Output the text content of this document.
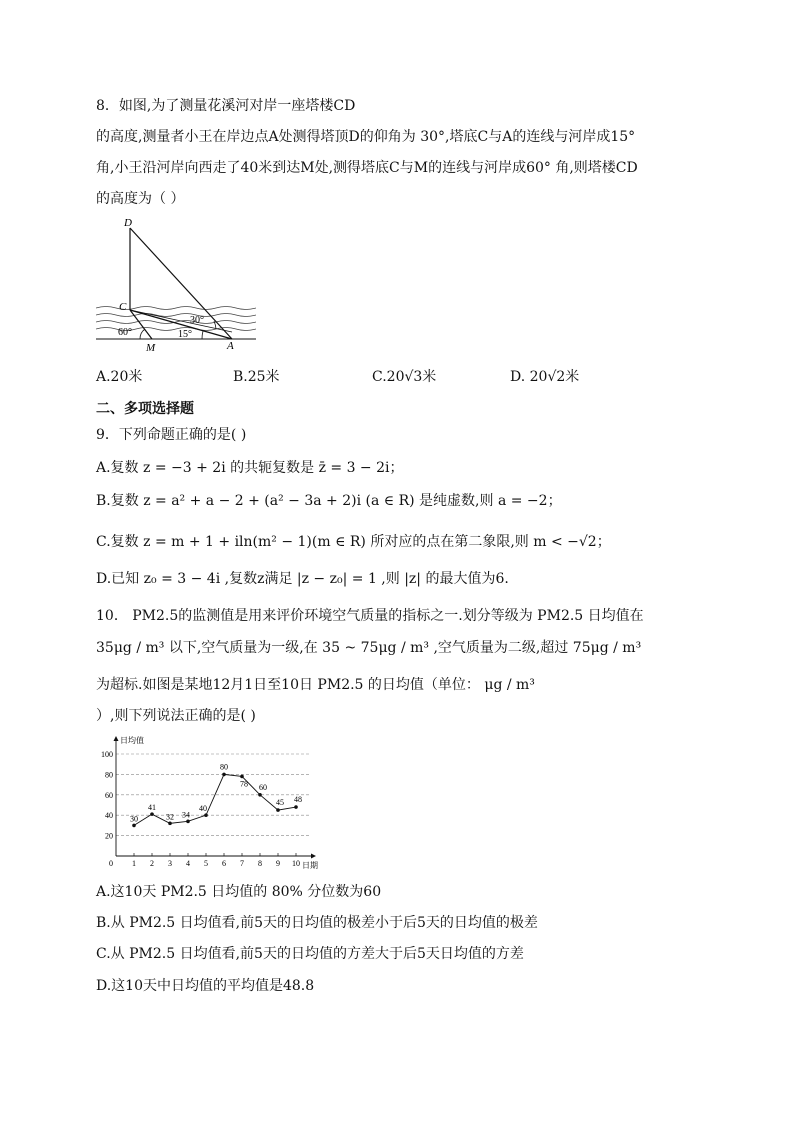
8．如图,为了测量花溪河对岸一座塔楼CD
的高度,测量者小王在岸边点A处测得塔顶D的仰角为 30°,塔底C与A的连线与河岸成15°
角,小王沿河岸向西走了40米到达M处,测得塔底C与M的连线与河岸成60° 角,则塔楼CD
的高度为（ ）
D
C
M	A
60°	15°
30°
A.20米	B.25米	C.20√3米	D. 20√2米
二、多项选择题
9．下列命题正确的是( )
A.复数 z = −3 + 2i 的共轭复数是 z̄ = 3 − 2i；
B.复数 z = a² + a − 2 + (a² − 3a + 2)i (a ∈ R) 是纯虚数,则 a = −2；
C.复数 z = m + 1 + iln(m² − 1)(m ∈ R) 所对应的点在第二象限,则 m < −√2；
D.已知 z₀ = 3 − 4i ,复数z满足 |z − z₀| = 1 ,则 |z| 的最大值为6.
10． PM2.5的监测值是用来评价环境空气质量的指标之一.划分等级为 PM2.5 日均值在
35μg / m³ 以下,空气质量为一级,在 35 ~ 75μg / m³ ,空气质量为二级,超过 75μg / m³
为超标.如图是某地12月1日至10日 PM2.5 的日均值（单位： μg / m³
）,则下列说法正确的是( )
20
40
60
80
100
日均值
日期
0 1 2 3 4 5 6 7 8 9 10
30
41
32 34
40
80
78 60
45 48
A.这10天 PM2.5 日均值的 80% 分位数为60
B.从 PM2.5 日均值看,前5天的日均值的极差小于后5天的日均值的极差
C.从 PM2.5 日均值看,前5天的日均值的方差大于后5天日均值的方差
D.这10天中日均值的平均值是48.8
